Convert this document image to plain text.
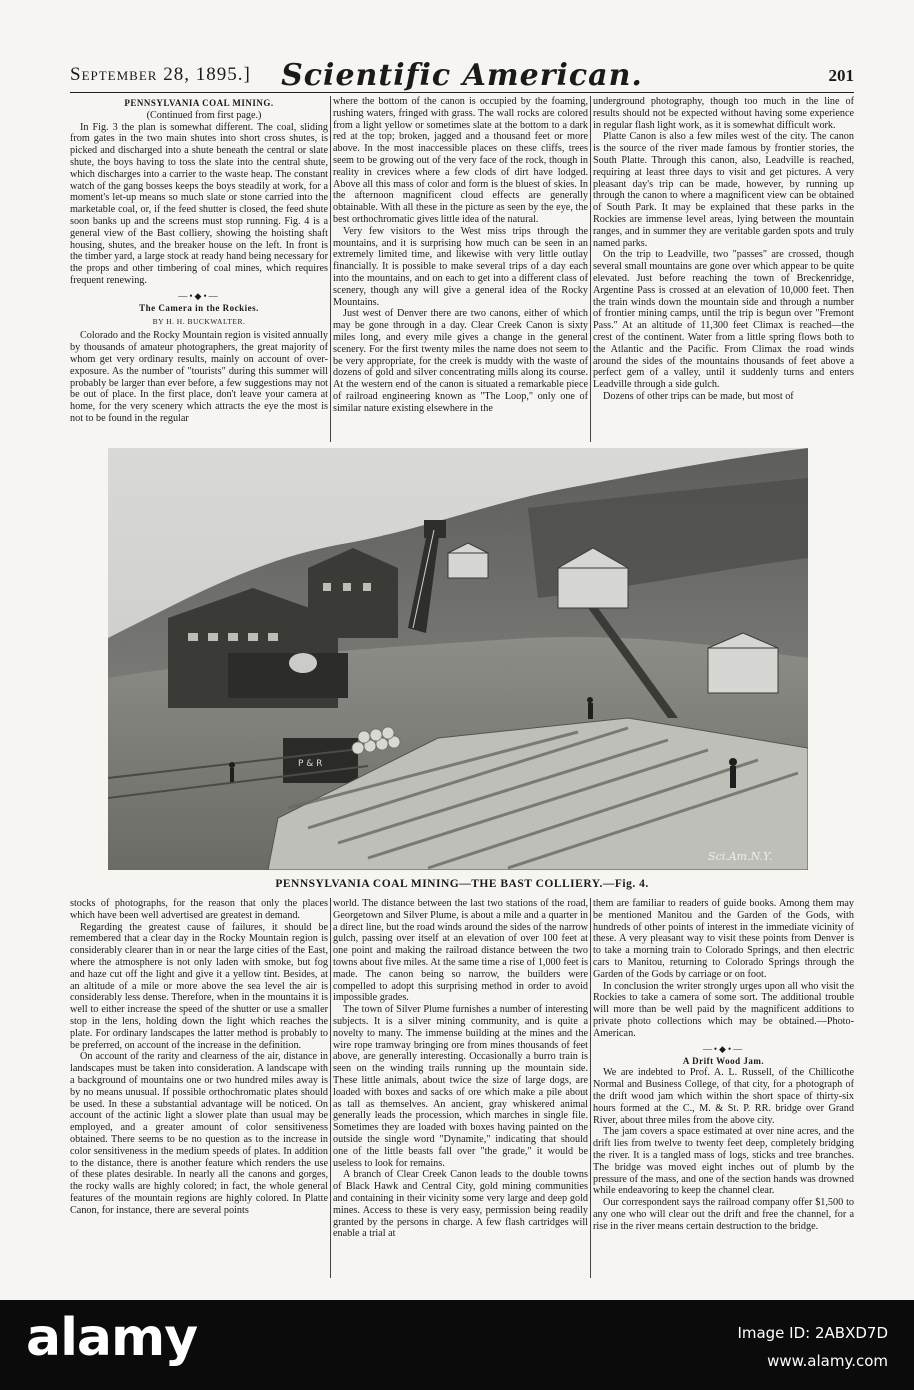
September 28, 1895.]	Scientific American.	201
PENNSYLVANIA COAL MINING.

(Continued from first page.)

In Fig. 3 the plan is somewhat different. The coal, sliding from gates in the two main shutes into short cross shutes, is picked and discharged into a shute beneath the central or slate shute, the boys having to toss the slate into the central shute, which discharges into a carrier to the waste heap. The constant watch of the gang bosses keeps the boys steadily at work, for a moment's let-up means so much slate or stone carried into the marketable coal, or, if the feed shutter is closed, the feed shute soon banks up and the screens must stop running. Fig. 4 is a general view of the Bast colliery, showing the hoisting shaft housing, shutes, and the breaker house on the left. In front is the timber yard, a large stock at ready hand being necessary for the props and other timbering of coal mines, which requires frequent renewing.

—•◆•—
The Camera in the Rockies.
BY H. H. BUCKWALTER.

Colorado and the Rocky Mountain region is visited annually by thousands of amateur photographers, the great majority of whom get very ordinary results, mainly on account of over-exposure. As the number of "tourists" during this summer will probably be larger than ever before, a few suggestions may not be out of place. In the first place, don't leave your camera at home, for the very scenery which attracts the eye the most is not to be found in the regular

where the bottom of the canon is occupied by the foaming, rushing waters, fringed with grass. The wall rocks are colored from a light yellow or sometimes slate at the bottom to a dark red at the top; broken, jagged and a thousand feet or more above. In the most inaccessible places on these cliffs, trees seem to be growing out of the very face of the rock, though in reality in crevices where a few clods of dirt have lodged. Above all this mass of color and form is the bluest of skies. In the afternoon magnificent cloud effects are generally obtainable. With all these in the picture as seen by the eye, the best orthochromatic gives little idea of the natural.

Very few visitors to the West miss trips through the mountains, and it is surprising how much can be seen in an extremely limited time, and likewise with very little outlay financially. It is possible to make several trips of a day each into the mountains, and on each to get into a different class of scenery, though any will give a general idea of the Rocky Mountains.

Just west of Denver there are two canons, either of which may be gone through in a day. Clear Creek Canon is sixty miles long, and every mile gives a change in the general scenery. For the first twenty miles the name does not seem to be very appropriate, for the creek is muddy with the waste of dozens of gold and silver concentrating mills along its course. At the western end of the canon is situated a remarkable piece of railroad engineering known as "The Loop," only one of similar nature existing elsewhere in the

underground photography, though too much in the line of results should not be expected without having some experience in regular flash light work, as it is somewhat difficult work.

Platte Canon is also a few miles west of the city. The canon is the source of the river made famous by frontier stories, the South Platte. Through this canon, also, Leadville is reached, requiring at least three days to visit and get pictures. A very pleasant day's trip can be made, however, by running up through the canon to where a magnificent view can be obtained of South Park. It may be explained that these parks in the Rockies are immense level areas, lying between the mountain ranges, and in summer they are veritable garden spots and truly named parks.

On the trip to Leadville, two "passes" are crossed, though several small mountains are gone over which appear to be quite elevated. Just before reaching the town of Breckenridge, Argentine Pass is crossed at an elevation of 10,000 feet. Then the train winds down the mountain side and through a number of frontier mining camps, until the trip is begun over "Fremont Pass." At an altitude of 11,300 feet Climax is reached—the crest of the continent. Water from a little spring flows both to the Atlantic and the Pacific. From Climax the road winds around the sides of the mountains thousands of feet above a perfect gem of a valley, until it suddenly turns and enters Leadville through a side gulch.

Dozens of other trips can be made, but most of

P & R
Sci.Am.N.Y.
PENNSYLVANIA COAL MINING—THE BAST COLLIERY.—Fig. 4.

stocks of photographs, for the reason that only the places which have been well advertised are greatest in demand.

Regarding the greatest cause of failures, it should be remembered that a clear day in the Rocky Mountain region is considerably clearer than in or near the large cities of the East, where the atmosphere is not only laden with smoke, but fog and haze cut off the light and give it a yellow tint. Besides, at an altitude of a mile or more above the sea level the air is considerably less dense. Therefore, when in the mountains it is well to either increase the speed of the shutter or use a smaller stop in the lens, holding down the light which reaches the plate. For ordinary landscapes the latter method is probably to be preferred, on account of the increase in the definition.

On account of the rarity and clearness of the air, distance in landscapes must be taken into consideration. A landscape with a background of mountains one or two hundred miles away is by no means unusual. If possible orthochromatic plates should be used. In these a substantial advantage will be noticed. On account of the actinic light a slower plate than usual may be employed, and a greater amount of color sensitiveness obtained. There seems to be no question as to the increase in color sensitiveness in the medium speeds of plates. In addition to the distance, there is another feature which renders the use of these plates desirable. In nearly all the canons and gorges, the rocky walls are highly colored; in fact, the whole general features of the mountain regions are highly colored. In Platte Canon, for instance, there are several points

world. The distance between the last two stations of the road, Georgetown and Silver Plume, is about a mile and a quarter in a direct line, but the road winds around the sides of the narrow gulch, passing over itself at an elevation of over 100 feet at one point and making the railroad distance between the two towns about five miles. At the same time a rise of 1,000 feet is made. The canon being so narrow, the builders were compelled to adopt this surprising method in order to avoid impossible grades.

The town of Silver Plume furnishes a number of interesting subjects. It is a silver mining community, and is quite a novelty to many. The immense building at the mines and the wire rope tramway bringing ore from mines thousands of feet above, are generally interesting. Occasionally a burro train is seen on the winding trails running up the mountain side. These little animals, about twice the size of large dogs, are loaded with boxes and sacks of ore which make a pile about as tall as themselves. An ancient, gray whiskered animal generally leads the procession, which marches in single file. Sometimes they are loaded with boxes having painted on the outside the single word "Dynamite," indicating that should one of the little beasts fall over "the grade," it would be useless to look for remains.

A branch of Clear Creek Canon leads to the double towns of Black Hawk and Central City, gold mining communities and containing in their vicinity some very large and deep gold mines. Access to these is very easy, permission being readily granted by the persons in charge. A few flash cartridges will enable a trial at

them are familiar to readers of guide books. Among them may be mentioned Manitou and the Garden of the Gods, with hundreds of other points of interest in the immediate vicinity of these. A very pleasant way to visit these points from Denver is to take a morning train to Colorado Springs, and then electric cars to Manitou, returning to Colorado Springs through the Garden of the Gods by carriage or on foot.

In conclusion the writer strongly urges upon all who visit the Rockies to take a camera of some sort. The additional trouble will more than be well paid by the magnificent additions to private photo collections which may be obtained.—Photo-American.

—•◆•—
A Drift Wood Jam.

We are indebted to Prof. A. L. Russell, of the Chillicothe Normal and Business College, of that city, for a photograph of the drift wood jam which within the short space of thirty-six hours formed at the C., M. & St. P. RR. bridge over Grand River, about three miles from the above city.

The jam covers a space estimated at over nine acres, and the drift lies from twelve to twenty feet deep, completely bridging the river. It is a tangled mass of logs, sticks and tree branches. The bridge was moved eight inches out of plumb by the pressure of the mass, and one of the section hands was drowned while endeavoring to keep the channel clear.

Our correspondent says the railroad company offer $1,500 to any one who will clear out the drift and free the channel, for a rise in the river means certain destruction to the bridge.

alamy	Image ID: 2ABXD7D
www.alamy.com
